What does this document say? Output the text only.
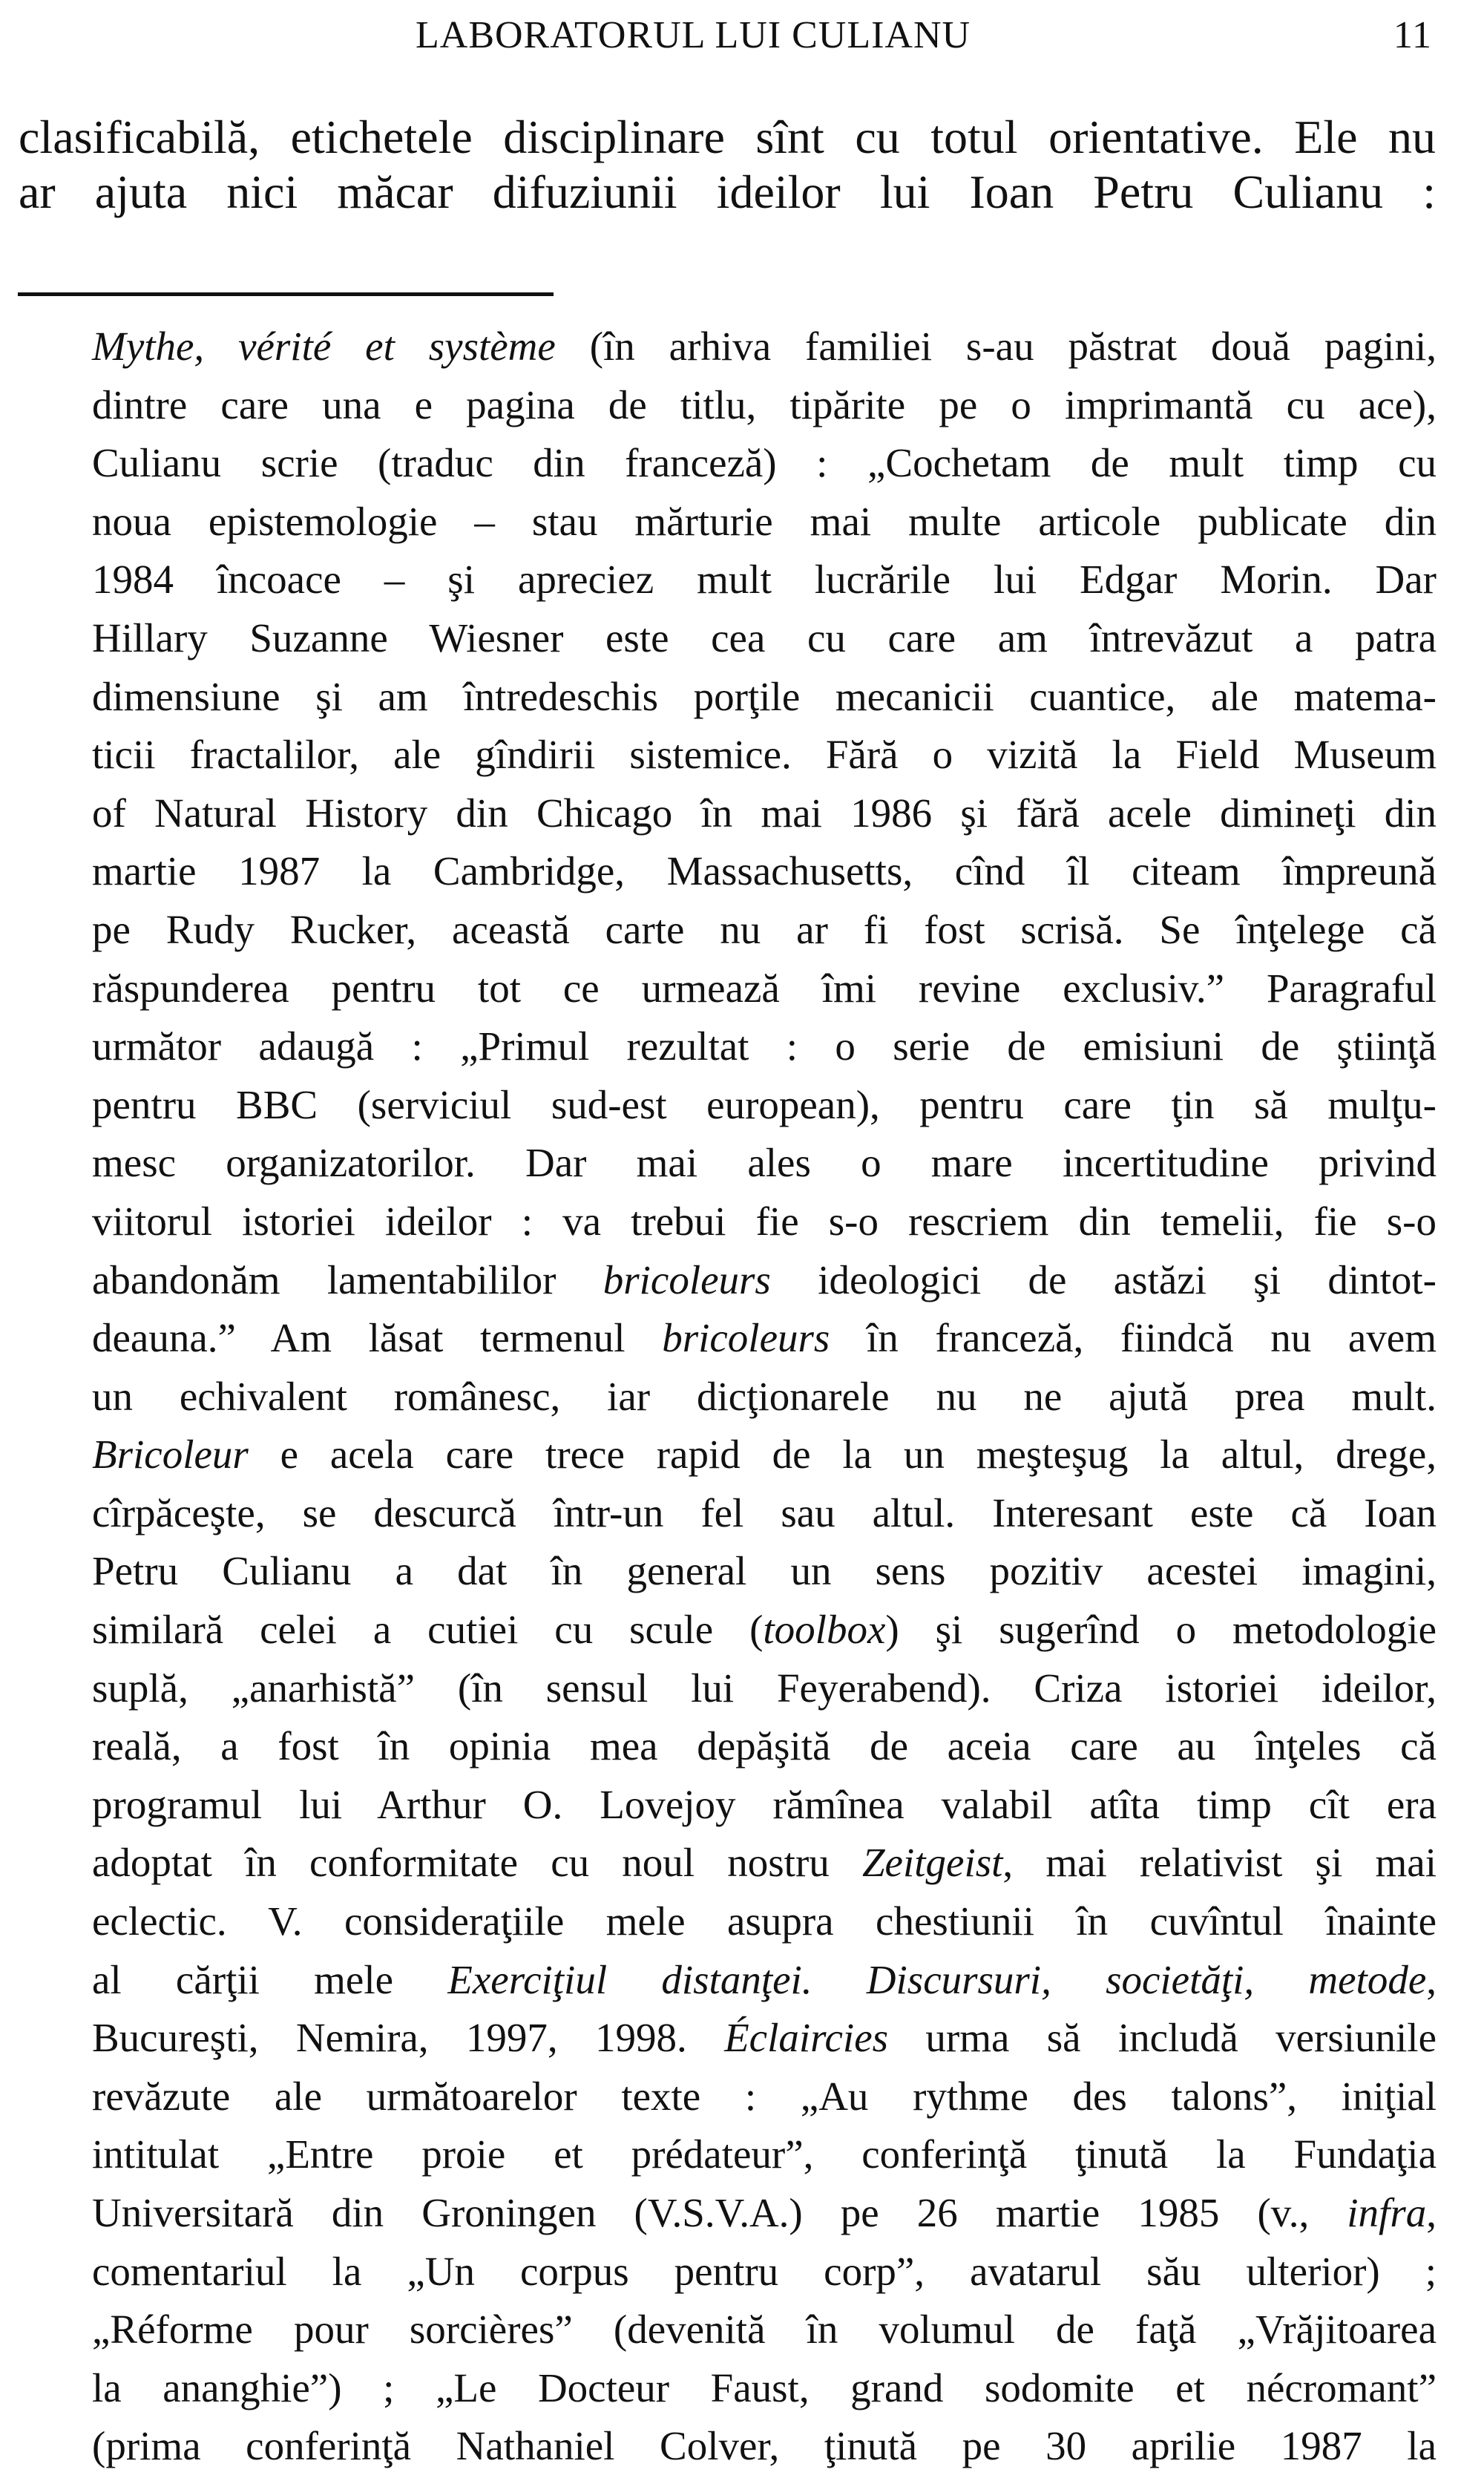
LABORATORUL LUI CULIANU	11
clasificabilă, etichetele disciplinare sînt cu totul orientative. Ele nu
ar ajuta nici măcar difuziunii ideilor lui Ioan Petru Culianu :
Mythe, vérité et système (în arhiva familiei s-au păstrat două pagini,
dintre care una e pagina de titlu, tipărite pe o imprimantă cu ace),
Culianu scrie (traduc din franceză) : „Cochetam de mult timp cu
noua epistemologie – stau mărturie mai multe articole publicate din
1984 încoace – şi apreciez mult lucrările lui Edgar Morin. Dar
Hillary Suzanne Wiesner este cea cu care am întrevăzut a patra
dimensiune şi am întredeschis porţile mecanicii cuantice, ale matema-
ticii fractalilor, ale gîndirii sistemice. Fără o vizită la Field Museum
of Natural History din Chicago în mai 1986 şi fără acele dimineţi din
martie 1987 la Cambridge, Massachusetts, cînd îl citeam împreună
pe Rudy Rucker, această carte nu ar fi fost scrisă. Se înţelege că
răspunderea pentru tot ce urmează îmi revine exclusiv.” Paragraful
următor adaugă : „Primul rezultat : o serie de emisiuni de ştiinţă
pentru BBC (serviciul sud-est european), pentru care ţin să mulţu-
mesc organizatorilor. Dar mai ales o mare incertitudine privind
viitorul istoriei ideilor : va trebui fie s-o rescriem din temelii, fie s-o
abandonăm lamentabililor bricoleurs ideologici de astăzi şi dintot-
deauna.” Am lăsat termenul bricoleurs în franceză, fiindcă nu avem
un echivalent românesc, iar dicţionarele nu ne ajută prea mult.
Bricoleur e acela care trece rapid de la un meşteşug la altul, drege,
cîrpăceşte, se descurcă într-un fel sau altul. Interesant este că Ioan
Petru Culianu a dat în general un sens pozitiv acestei imagini,
similară celei a cutiei cu scule (toolbox) şi sugerînd o metodologie
suplă, „anarhistă” (în sensul lui Feyerabend). Criza istoriei ideilor,
reală, a fost în opinia mea depăşită de aceia care au înţeles că
programul lui Arthur O. Lovejoy rămînea valabil atîta timp cît era
adoptat în conformitate cu noul nostru Zeitgeist, mai relativist şi mai
eclectic. V. consideraţiile mele asupra chestiunii în cuvîntul înainte
al cărţii mele Exerciţiul distanţei. Discursuri, societăţi, metode,
Bucureşti, Nemira, 1997, 1998. Éclaircies urma să includă versiunile
revăzute ale următoarelor texte : „Au rythme des talons”, iniţial
intitulat „Entre proie et prédateur”, conferinţă ţinută la Fundaţia
Universitară din Groningen (V.S.V.A.) pe 26 martie 1985 (v., infra,
comentariul la „Un corpus pentru corp”, avatarul său ulterior) ;
„Réforme pour sorcières” (devenită în volumul de faţă „Vrăjitoarea
la ananghie”) ; „Le Docteur Faust, grand sodomite et nécromant”
(prima conferinţă Nathaniel Colver, ţinută pe 30 aprilie 1987 la
